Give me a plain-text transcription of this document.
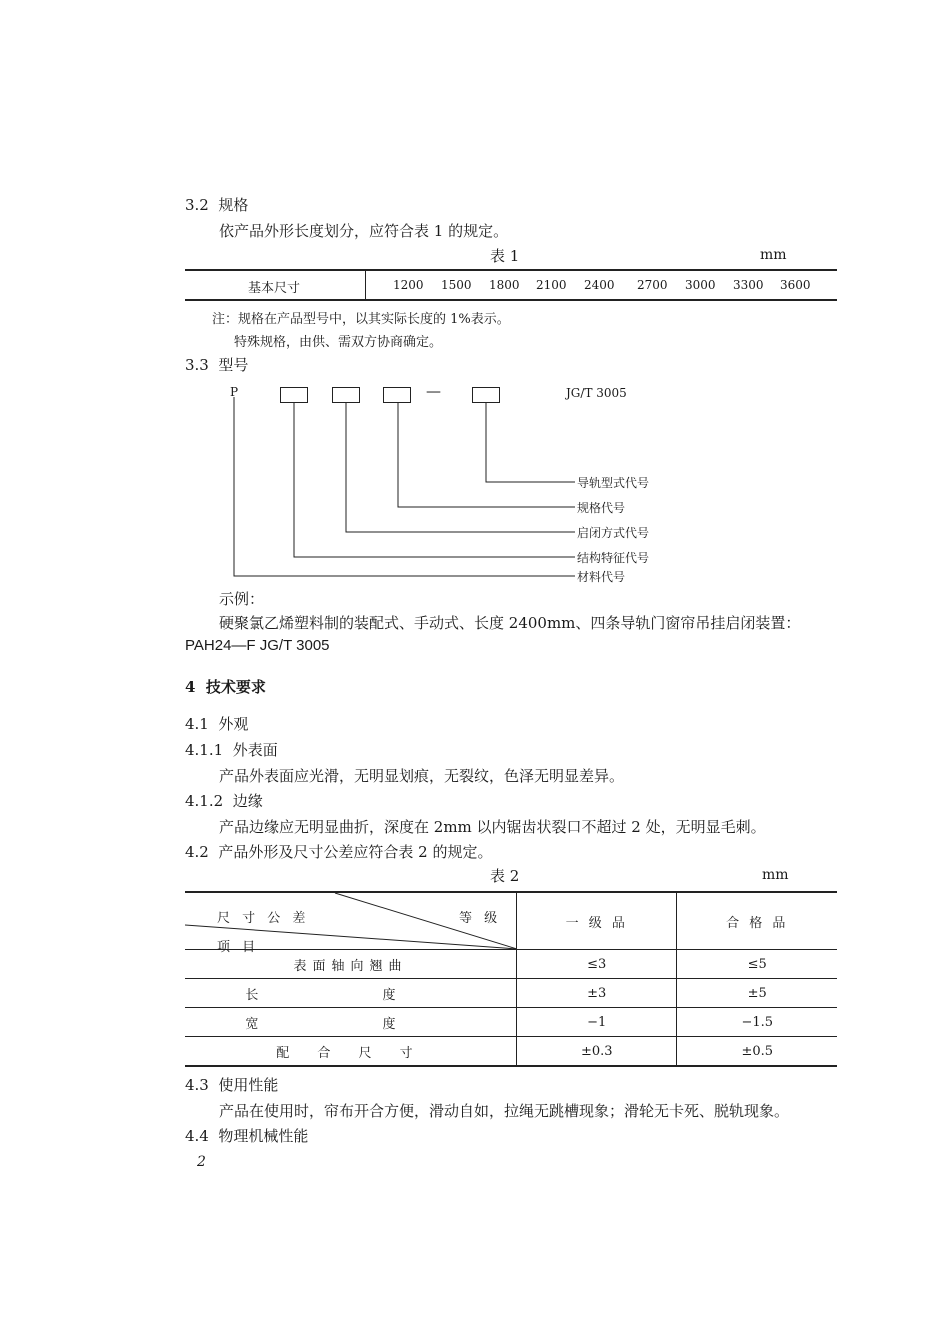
3.2 规格
依产品外形长度划分，应符合表 1 的规定。
表 1	mm
基本尺寸	1200 1500 1800 2100 2400 2700 3000 3300 3600
注：规格在产品型号中，以其实际长度的 1%表示。
特殊规格，由供、需双方协商确定。
3.3 型号
P	—	JG/T 3005
导轨型式代号
规格代号
启闭方式代号
结构特征代号
材料代号
示例：
硬聚氯乙烯塑料制的装配式、手动式、长度 2400mm、四条导轨门窗帘吊挂启闭装置：
PAH24—F JG/T 3005
4 技术要求
4.1 外观
4.1.1 外表面
产品外表面应光滑，无明显划痕，无裂纹，色泽无明显差异。
4.1.2 边缘
产品边缘应无明显曲折，深度在 2mm 以内锯齿状裂口不超过 2 处，无明显毛刺。
4.2 产品外形及尺寸公差应符合表 2 的规定。
表 2	mm
尺 寸 公 差 等 级
项 目	一 级 品	合 格 品
表面轴向翘曲	≤3	≤5
长 度	±3	±5
宽 度	−1	−1.5
配 合 尺 寸	±0.3	±0.5
4.3 使用性能
产品在使用时，帘布开合方便，滑动自如，拉绳无跳槽现象；滑轮无卡死、脱轨现象。
4.4 物理机械性能
2
